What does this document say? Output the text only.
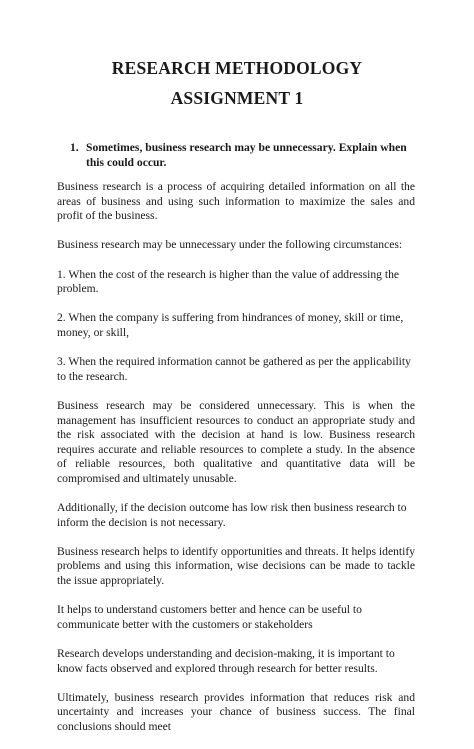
RESEARCH METHODOLOGY
ASSIGNMENT 1
1. Sometimes, business research may be unnecessary. Explain when this could occur.

Business research is a process of acquiring detailed information on all the areas of business and using such information to maximize the sales and profit of the business.

Business research may be unnecessary under the following circumstances:

1. When the cost of the research is higher than the value of addressing the problem.

2. When the company is suffering from hindrances of money, skill or time, money, or skill,

3. When the required information cannot be gathered as per the applicability to the research.

Business research may be considered unnecessary. This is when the management has insufficient resources to conduct an appropriate study and the risk associated with the decision at hand is low. Business research requires accurate and reliable resources to complete a study. In the absence of reliable resources, both qualitative and quantitative data will be compromised and ultimately unusable.

Additionally, if the decision outcome has low risk then business research to inform the decision is not necessary.

Business research helps to identify opportunities and threats. It helps identify problems and using this information, wise decisions can be made to tackle the issue appropriately.

It helps to understand customers better and hence can be useful to communicate better with the customers or stakeholders

Research develops understanding and decision-making, it is important to know facts observed and explored through research for better results.

Ultimately, business research provides information that reduces risk and uncertainty and increases your chance of business success. The final conclusions should meet
